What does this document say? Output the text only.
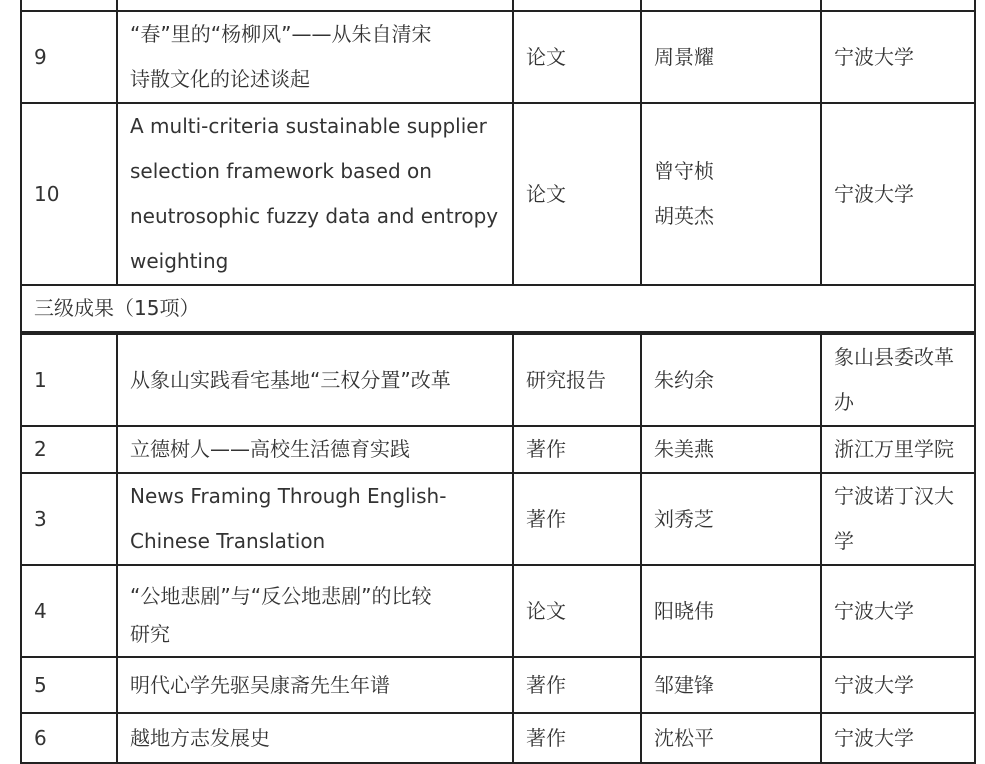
9	“春”里的“杨柳风”——从朱自清宋
诗散文化的论述谈起	论文	周景耀	宁波大学

10	A multi-criteria sustainable supplier
selection framework based on
neutrosophic fuzzy data and entropy
weighting	论文	曾守桢
胡英杰	宁波大学

三级成果（15项）				
1	从象山实践看宅基地“三权分置”改革	研究报告	朱约余	象山县委改革
办

2	立德树人——高校生活德育实践	著作	朱美燕	浙江万里学院

3	News Framing Through English-
Chinese Translation	著作	刘秀芝	宁波诺丁汉大
学

4	“公地悲剧”与“反公地悲剧”的比较
研究	论文	阳晓伟	宁波大学

5	明代心学先驱吴康斋先生年谱	著作	邹建锋	宁波大学

6	越地方志发展史	著作	沈松平	宁波大学
